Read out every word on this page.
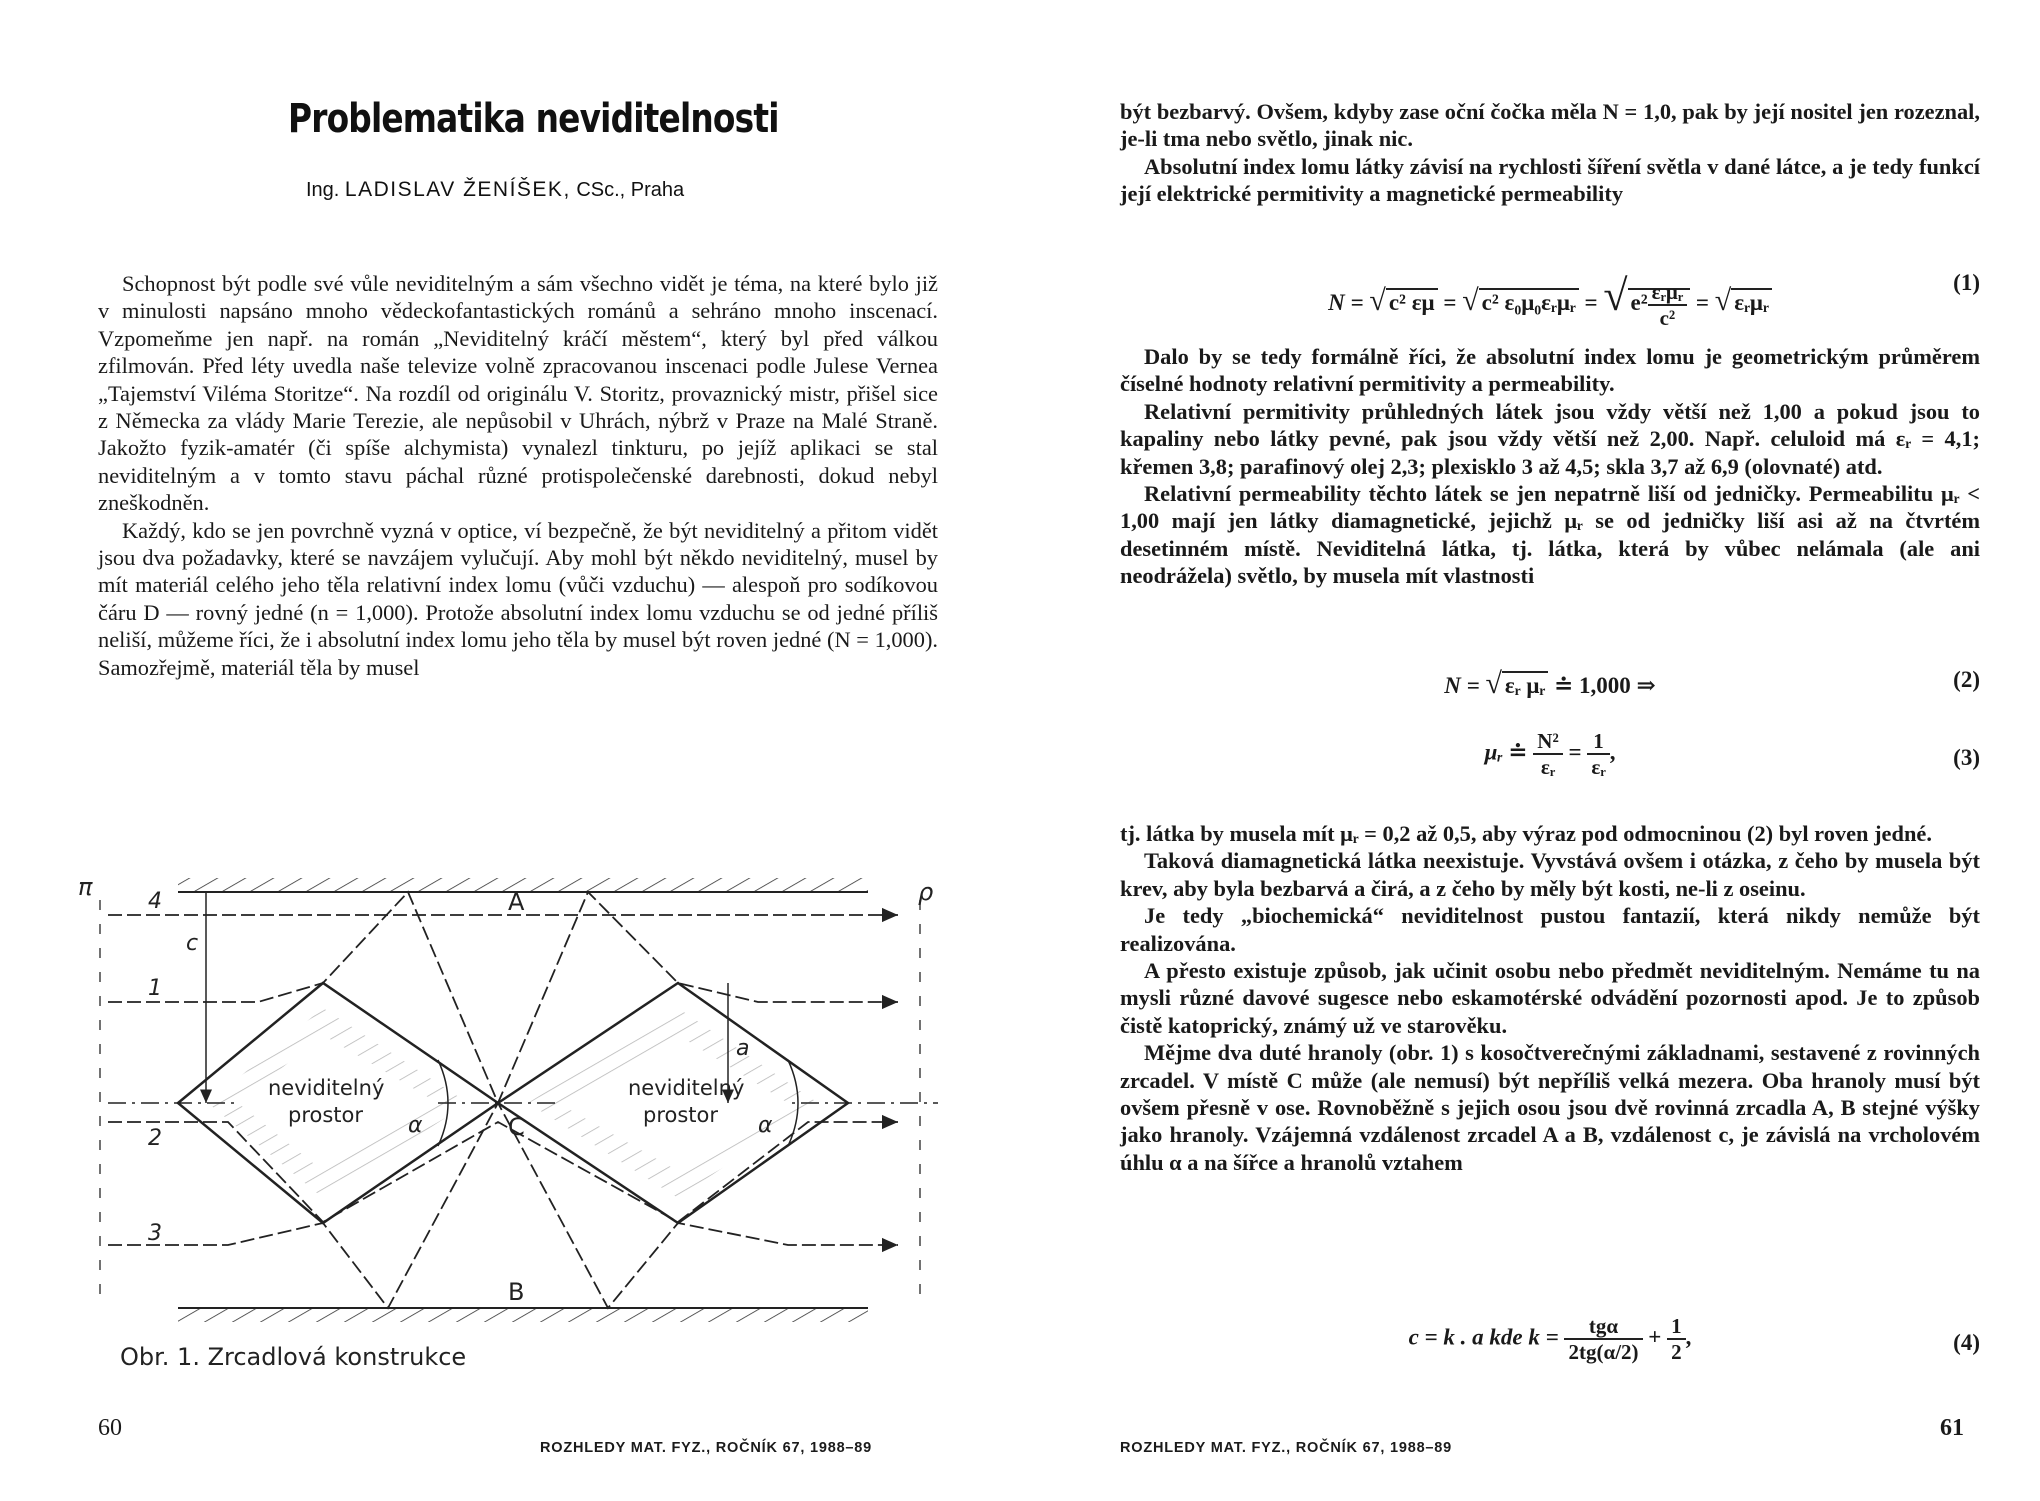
Problematika neviditelnosti
Ing. LADISLAV ŽENÍŠEK, CSc., Praha

Schopnost být podle své vůle neviditelným a sám všechno vidět je téma, na které bylo již v minulosti napsáno mnoho vědeckofantastických románů a sehráno mnoho inscenací. Vzpomeňme jen např. na román „Neviditelný kráčí městem“, který byl před válkou zfilmován. Před léty uvedla naše televize volně zpracovanou inscenaci podle Julese Vernea „Tajemství Viléma Storitze“. Na rozdíl od originálu V. Storitz, provaznický mistr, přišel sice z Německa za vlády Marie Terezie, ale nepůsobil v Uhrách, nýbrž v Praze na Malé Straně. Jakožto fyzik-amatér (či spíše alchymista) vynalezl tinkturu, po jejíž aplikaci se stal neviditelným a v tomto stavu páchal různé protispolečenské darebnosti, dokud nebyl zneškodněn.

Každý, kdo se jen povrchně vyzná v optice, ví bezpečně, že být neviditelný a přitom vidět jsou dva požadavky, které se navzájem vylučují. Aby mohl být někdo neviditelný, musel by mít materiál celého jeho těla relativní index lomu (vůči vzduchu) — alespoň pro sodíkovou čáru D — rovný jedné (n = 1,000). Protože absolutní index lomu vzduchu se od jedné příliš neliší, můžeme říci, že i absolutní index lomu jeho těla by musel být roven jedné (N = 1,000). Samozřejmě, materiál těla by musel

π	ρ
A
B
C
4
1
2
3
c
a
α	α
neviditelný
prostor
neviditelný
prostor
Obr. 1. Zrcadlová konstrukce
60
ROZHLEDY MAT. FYZ., ROČNÍK 67, 1988–89

být bezbarvý. Ovšem, kdyby zase oční čočka měla N = 1,0, pak by její nositel jen rozeznal, je-li tma nebo světlo, jinak nic.

Absolutní index lomu látky závisí na rychlosti šíření světla v dané látce, a je tedy funkcí její elektrické permitivity a magnetické permeability

N = √ c² εμ = √ c² ε₀μ₀εᵣμᵣ = √ $e^2 \frac{\text{εᵣμᵣ}}{\text{c²}}$ = √ εᵣμᵣ
(1)

Dalo by se tedy formálně říci, že absolutní index lomu je geometrickým průměrem číselné hodnoty relativní permitivity a permeability.

Relativní permitivity průhledných látek jsou vždy větší než 1,00 a pokud jsou to kapaliny nebo látky pevné, pak jsou vždy větší než 2,00. Např. celuloid má εᵣ = 4,1; křemen 3,8; parafinový olej 2,3; plexisklo 3 až 4,5; skla 3,7 až 6,9 (olovnaté) atd.

Relativní permeability těchto látek se jen nepatrně liší od jedničky. Permeabilitu μᵣ < 1,00 mají jen látky diamagnetické, jejichž μᵣ se od jedničky liší asi až na čtvrtém desetinném místě. Neviditelná látka, tj. látka, která by vůbec nelámala (ale ani neodrážela) světlo, by musela mít vlastnosti

N = √ εᵣ μᵣ ≐ 1,000 ⇒	(2)
μᵣ ≐ $\frac{\text{N²}}{\text{εᵣ}} = \frac{1}{\text{εᵣ}}$ ,	(3)

tj. látka by musela mít μᵣ = 0,2 až 0,5, aby výraz pod odmocninou (2) byl roven jedné.

Taková diamagnetická látka neexistuje. Vyvstává ovšem i otázka, z čeho by musela být krev, aby byla bezbarvá a čirá, a z čeho by měly být kosti, ne-li z oseinu.

Je tedy „biochemická“ neviditelnost pustou fantazií, která nikdy nemůže být realizována.

A přesto existuje způsob, jak učinit osobu nebo předmět neviditelným. Nemáme tu na mysli různé davové sugesce nebo eskamotérské odvádění pozornosti apod. Je to způsob čistě katoprický, známý už ve starověku.

Mějme dva duté hranoly (obr. 1) s kosočtverečnými základnami, sestavené z rovinných zrcadel. V místě C může (ale nemusí) být nepříliš velká mezera. Oba hranoly musí být ovšem přesně v ose. Rovnoběžně s jejich osou jsou dvě rovinná zrcadla A, B stejné výšky jako hranoly. Vzájemná vzdálenost zrcadel A a B, vzdálenost c, je závislá na vrcholovém úhlu α a na šířce a hranolů vztahem

c = k . a kde $k = \frac{\text{tgα}}{2tg(\alpha/2)} + \frac{1}{2}$ ,	(4)
61
ROZHLEDY MAT. FYZ., ROČNÍK 67, 1988–89
